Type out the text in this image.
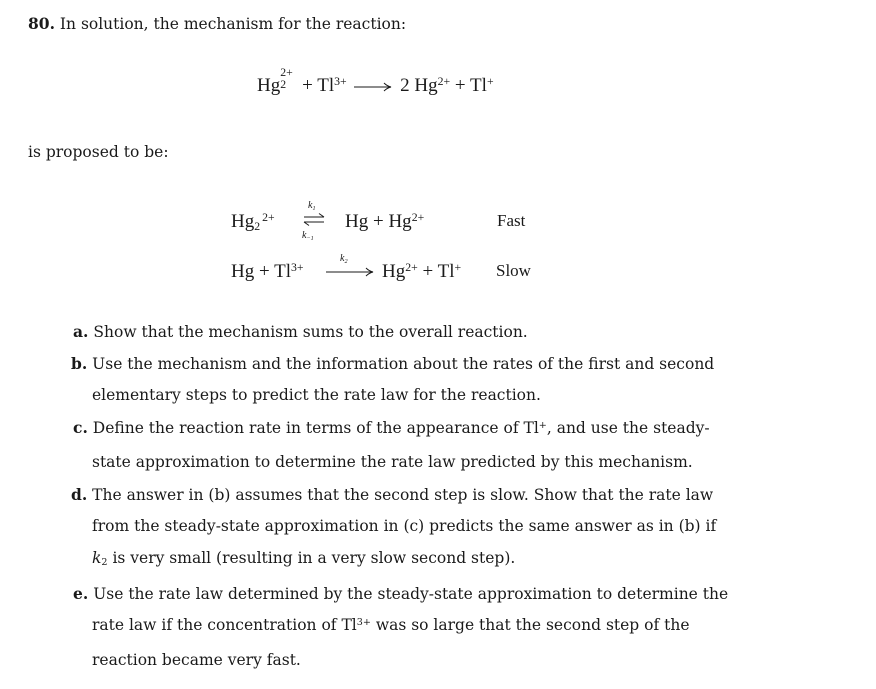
80. In solution, the mechanism for the reaction:
Hg
2+
$2 + Tl^{3+}$	2 $Hg^{2+} + Tl^+$
is proposed to be:
$Hg_2^{2+}$
$k_1$
$k_{-1}$
$Hg + Hg^{2+}$	Fast
$Hg + Tl^{3+}$
$k_2$ $Hg^{2+} + Tl^+$ Slow
a. Show that the mechanism sums to the overall reaction.
b. Use the mechanism and the information about the rates of the first and second
elementary steps to predict the rate law for the reaction.
c. Define the reaction rate in terms of the appearance of Tl+, and use the steady-
state approximation to determine the rate law predicted by this mechanism.
d. The answer in (b) assumes that the second step is slow. Show that the rate law
from the steady-state approximation in (c) predicts the same answer as in (b) if
$k_2$ is very small (resulting in a very slow second step).
e. Use the rate law determined by the steady-state approximation to determine the
rate law if the concentration of $Tl^{3+}$ was so large that the second step of the
reaction became very fast.
